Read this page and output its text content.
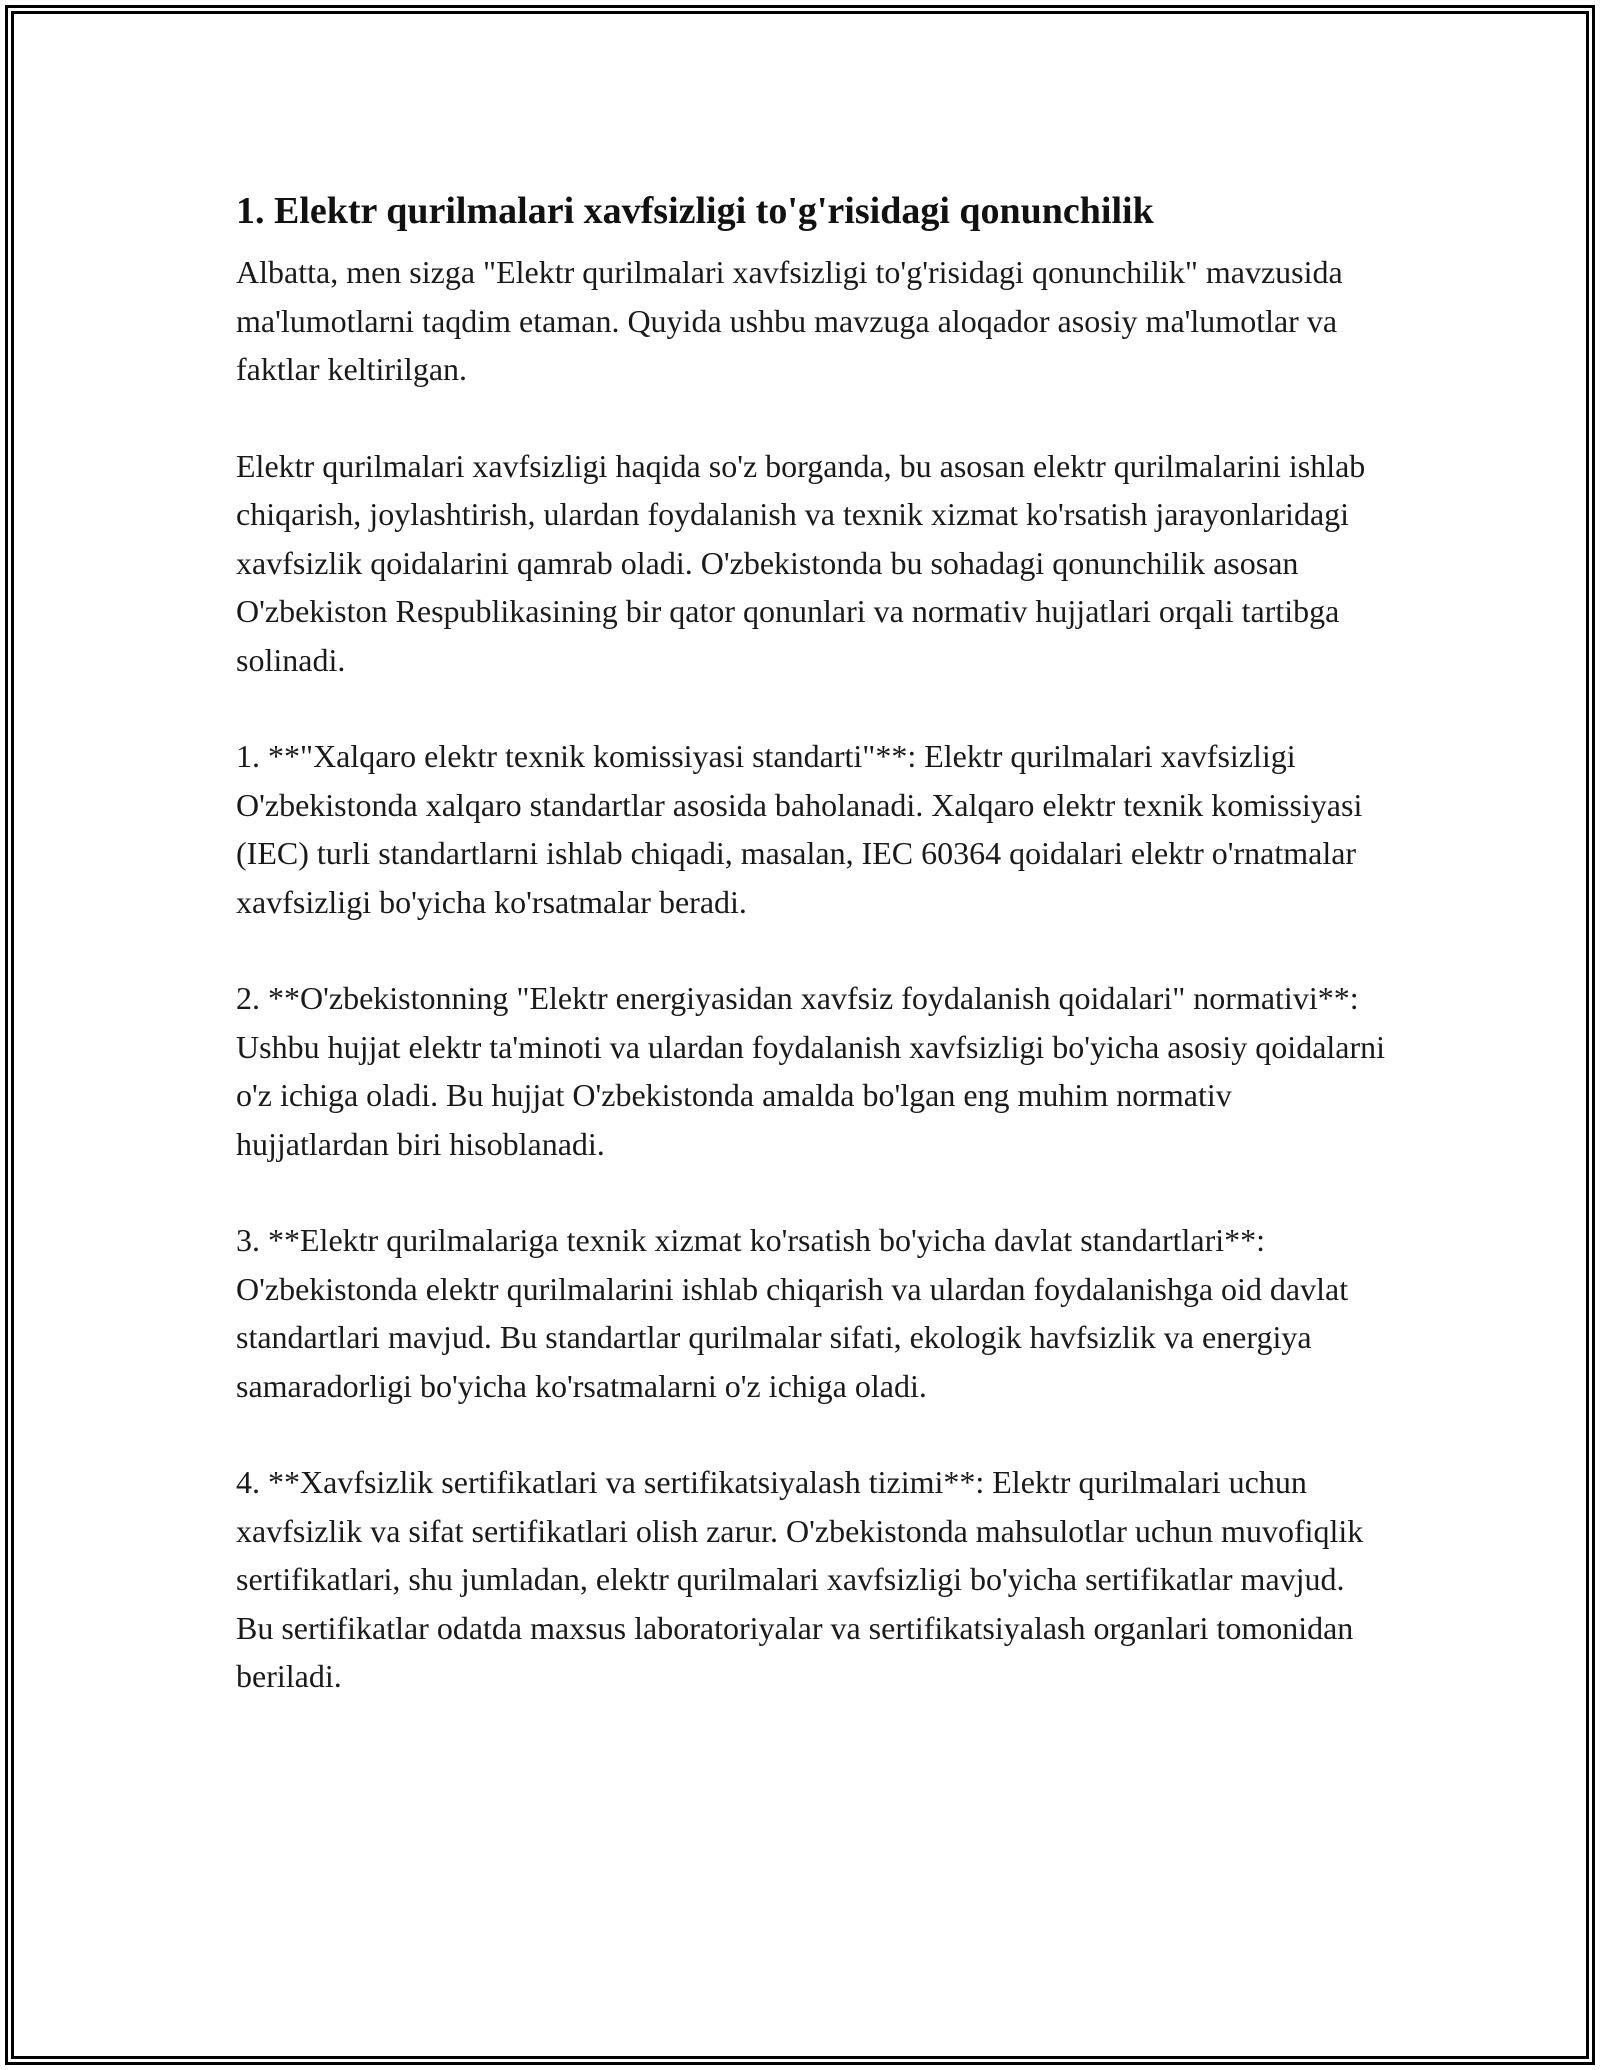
1. Elektr qurilmalari xavfsizligi to'g'risidagi qonunchilik

Albatta, men sizga "Elektr qurilmalari xavfsizligi to'g'risidagi qonunchilik" mavzusida ma'lumotlarni taqdim etaman. Quyida ushbu mavzuga aloqador asosiy ma'lumotlar va faktlar keltirilgan.

Elektr qurilmalari xavfsizligi haqida so'z borganda, bu asosan elektr qurilmalarini ishlab chiqarish, joylashtirish, ulardan foydalanish va texnik xizmat ko'rsatish jarayonlaridagi xavfsizlik qoidalarini qamrab oladi. O'zbekistonda bu sohadagi qonunchilik asosan O'zbekiston Respublikasining bir qator qonunlari va normativ hujjatlari orqali tartibga solinadi.

1. **"Xalqaro elektr texnik komissiyasi standarti"**: Elektr qurilmalari xavfsizligi O'zbekistonda xalqaro standartlar asosida baholanadi. Xalqaro elektr texnik komissiyasi (IEC) turli standartlarni ishlab chiqadi, masalan, IEC 60364 qoidalari elektr o'rnatmalar xavfsizligi bo'yicha ko'rsatmalar beradi.

2. **O'zbekistonning "Elektr energiyasidan xavfsiz foydalanish qoidalari" normativi**: Ushbu hujjat elektr ta'minoti va ulardan foydalanish xavfsizligi bo'yicha asosiy qoidalarni o'z ichiga oladi. Bu hujjat O'zbekistonda amalda bo'lgan eng muhim normativ hujjatlardan biri hisoblanadi.

3. **Elektr qurilmalariga texnik xizmat ko'rsatish bo'yicha davlat standartlari**: O'zbekistonda elektr qurilmalarini ishlab chiqarish va ulardan foydalanishga oid davlat standartlari mavjud. Bu standartlar qurilmalar sifati, ekologik havfsizlik va energiya samaradorligi bo'yicha ko'rsatmalarni o'z ichiga oladi.

4. **Xavfsizlik sertifikatlari va sertifikatsiyalash tizimi**: Elektr qurilmalari uchun xavfsizlik va sifat sertifikatlari olish zarur. O'zbekistonda mahsulotlar uchun muvofiqlik sertifikatlari, shu jumladan, elektr qurilmalari xavfsizligi bo'yicha sertifikatlar mavjud. Bu sertifikatlar odatda maxsus laboratoriyalar va sertifikatsiyalash organlari tomonidan beriladi.
